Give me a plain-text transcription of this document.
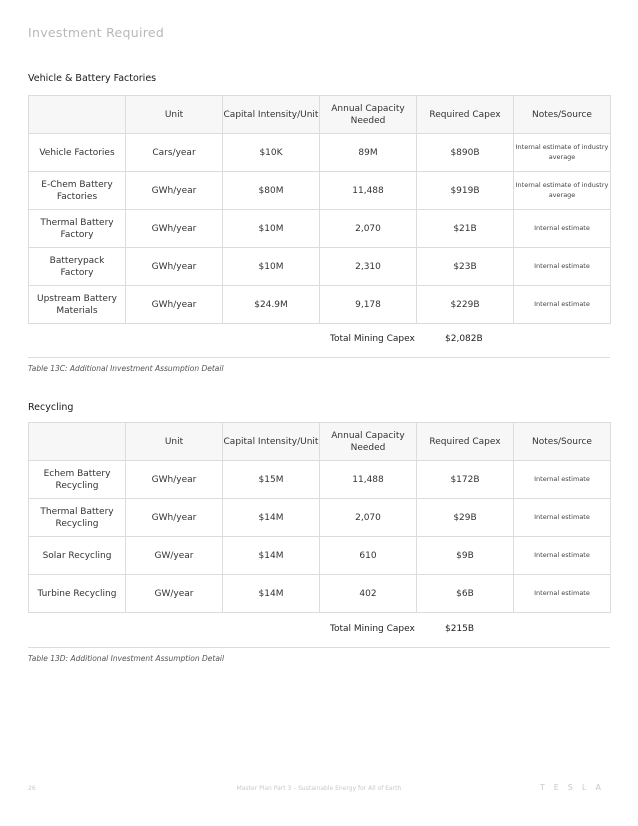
Investment Required
Vehicle & Battery Factories
	Unit	Capital Intensity/Unit	Annual Capacity Needed	Required Capex	Notes/Source
Vehicle Factories	Cars/year	$10K	89M	$890B	Internal estimate of industry average
E-Chem Battery Factories	GWh/year	$80M	11,488	$919B	Internal estimate of industry average
Thermal Battery Factory	GWh/year	$10M	2,070	$21B	Internal estimate
Batterypack Factory	GWh/year	$10M	2,310	$23B	Internal estimate
Upstream Battery Materials	GWh/year	$24.9M	9,178	$229B	Internal estimate
Total Mining Capex	$2,082B
Table 13C: Additional Investment Assumption Detail
Recycling
	Unit	Capital Intensity/Unit	Annual Capacity Needed	Required Capex	Notes/Source
Echem Battery Recycling	GWh/year	$15M	11,488	$172B	Internal estimate
Thermal Battery Recycling	GWh/year	$14M	2,070	$29B	Internal estimate
Solar Recycling	GW/year	$14M	610	$9B	Internal estimate
Turbine Recycling	GW/year	$14M	402	$6B	Internal estimate
Total Mining Capex	$215B
Table 13D: Additional Investment Assumption Detail
26	Master Plan Part 3 – Sustainable Energy for All of Earth	TESLA
